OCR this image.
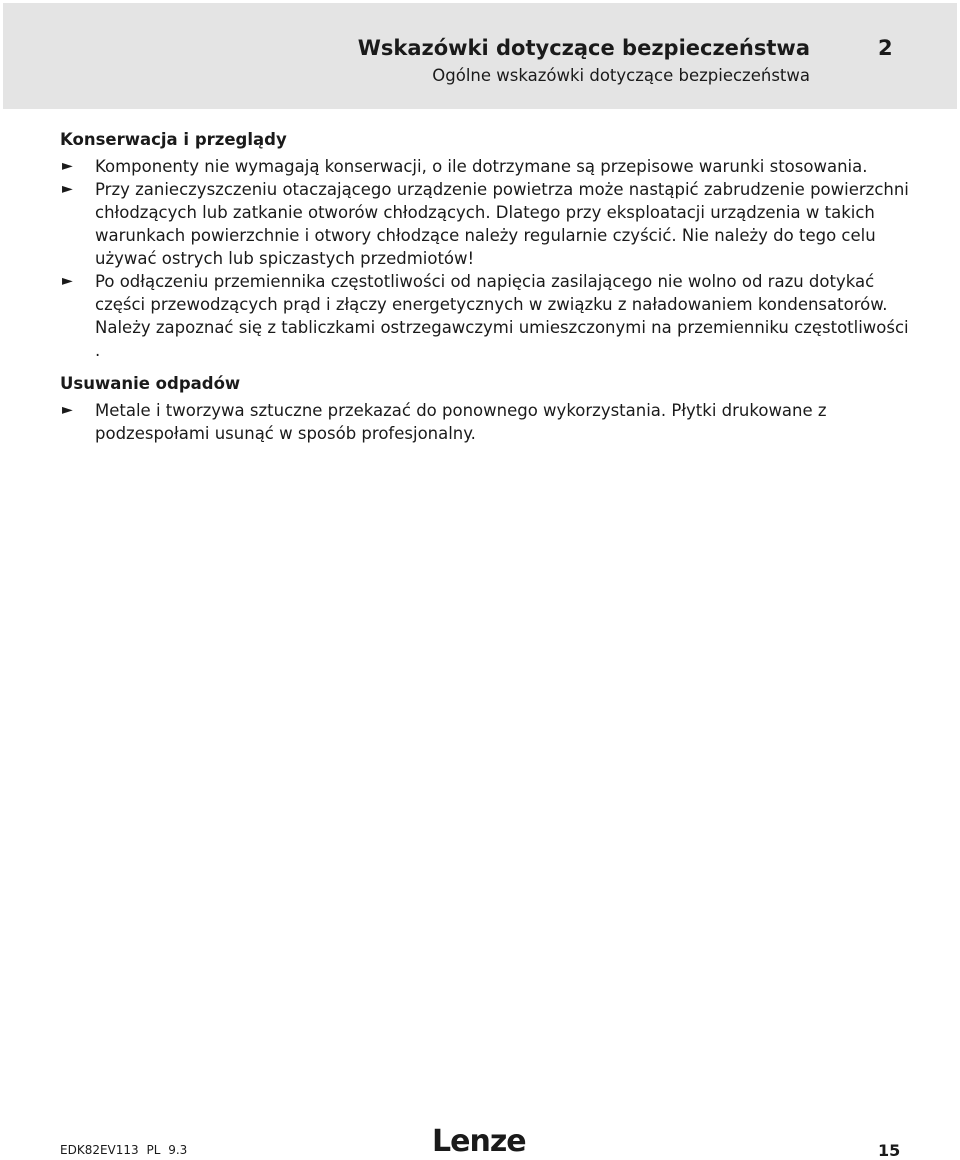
Wskazówki dotyczące bezpieczeństwa
Ogólne wskazówki dotyczące bezpieczeństwa
2
Konserwacja i przeglądy
► Komponenty nie wymagają konserwacji, o ile dotrzymane są przepisowe warunki stosowania.
► Przy zanieczyszczeniu otaczającego urządzenie powietrza może nastąpić zabrudzenie powierzchni chłodzących lub zatkanie otworów chłodzących. Dlatego przy eksploatacji urządzenia w takich warunkach powierzchnie i otwory chłodzące należy regularnie czyścić. Nie należy do tego celu używać ostrych lub spiczastych przedmiotów!
► Po odłączeniu przemiennika częstotliwości od napięcia zasilającego nie wolno od razu dotykać części przewodzących prąd i złączy energetycznych w związku z naładowaniem kondensatorów. Należy zapoznać się z tabliczkami ostrzegawczymi umieszczonymi na przemienniku częstotliwości .
Usuwanie odpadów
► Metale i tworzywa sztuczne przekazać do ponownego wykorzystania. Płytki drukowane z podzespołami usunąć w sposób profesjonalny.
EDK82EV113 PL 9.3	Lenze	15
